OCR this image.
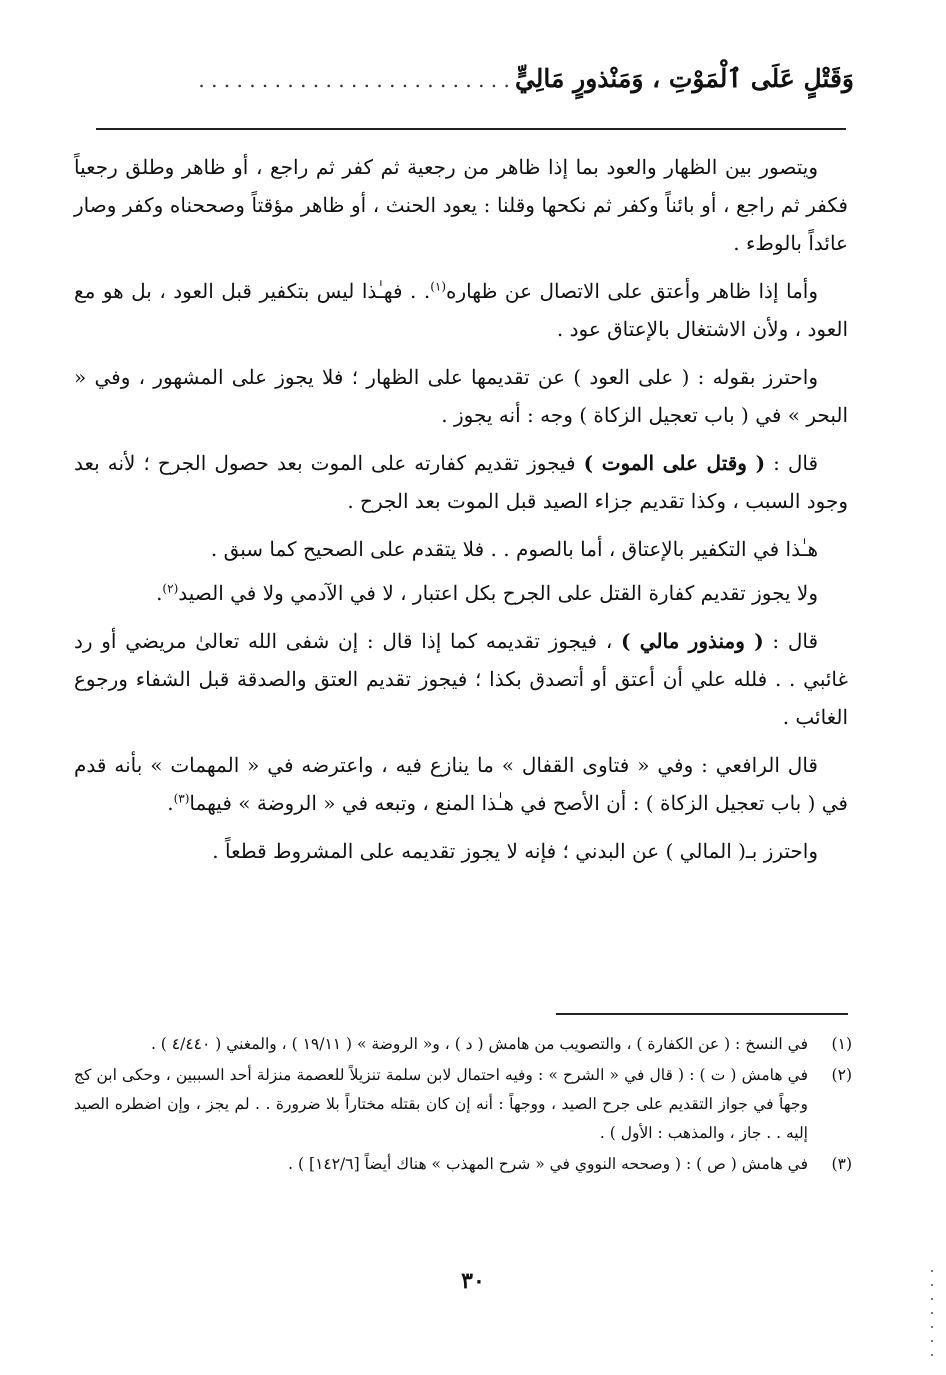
وَقَتْلٍ عَلَى ٱلْمَوْتِ ، وَمَنْذورٍ مَالِيٍّ . . . . . . . . . . . . . . . . . . . . . . . . .

ويتصور بين الظهار والعود بما إذا ظاهر من رجعية ثم كفر ثم راجع ، أو ظاهر وطلق رجعياً فكفر ثم راجع ، أو بائناً وكفر ثم نكحها وقلنا : يعود الحنث ، أو ظاهر مؤقتاً وصححناه وكفر وصار عائداً بالوطء .

وأما إذا ظاهر وأعتق على الاتصال عن ظهاره$^{(١)}$. . فهـٰذا ليس بتكفير قبل العود ، بل هو مع العود ، ولأن الاشتغال بالإعتاق عود .

واحترز بقوله : ( على العود ) عن تقديمها على الظهار ؛ فلا يجوز على المشهور ، وفي « البحر » في ( باب تعجيل الزكاة ) وجه : أنه يجوز .

قال : ( وقتل على الموت ) فيجوز تقديم كفارته على الموت بعد حصول الجرح ؛ لأنه بعد وجود السبب ، وكذا تقديم جزاء الصيد قبل الموت بعد الجرح .

هـٰذا في التكفير بالإعتاق ، أما بالصوم . . فلا يتقدم على الصحيح كما سبق .

ولا يجوز تقديم كفارة القتل على الجرح بكل اعتبار ، لا في الآدمي ولا في الصيد$^{(٢)}$.

قال : ( ومنذور مالي ) ، فيجوز تقديمه كما إذا قال : إن شفى الله تعالىٰ مريضي أو رد غائبي . . فلله علي أن أعتق أو أتصدق بكذا ؛ فيجوز تقديم العتق والصدقة قبل الشفاء ورجوع الغائب .

قال الرافعي : وفي « فتاوى القفال » ما ينازع فيه ، واعترضه في « المهمات » بأنه قدم في ( باب تعجيل الزكاة ) : أن الأصح في هـٰذا المنع ، وتبعه في « الروضة » فيهما$^{(٣)}$.

واحترز بـ( المالي ) عن البدني ؛ فإنه لا يجوز تقديمه على المشروط قطعاً .

(١)
في النسخ : ( عن الكفارة ) ، والتصويب من هامش ( د ) ، و« الروضة » ( ١٩/١١ ) ، والمغني ( ٤/٤٤٠ ) .
(٢)
في هامش ( ت ) : ( قال في « الشرح » : وفيه احتمال لابن سلمة تنزيلاً للعصمة منزلة أحد السببين ، وحكى ابن كج وجهاً في جواز التقديم على جرح الصيد ، ووجهاً : أنه إن كان بقتله مختاراً بلا ضرورة . . لم يجز ، وإن اضطره الصيد إليه . . جاز ، والمذهب : الأول ) .
(٣)
في هامش ( ص ) : ( وصححه النووي في « شرح المهذب » هناك أيضاً [١٤٢/٦] ) .
٣٠
